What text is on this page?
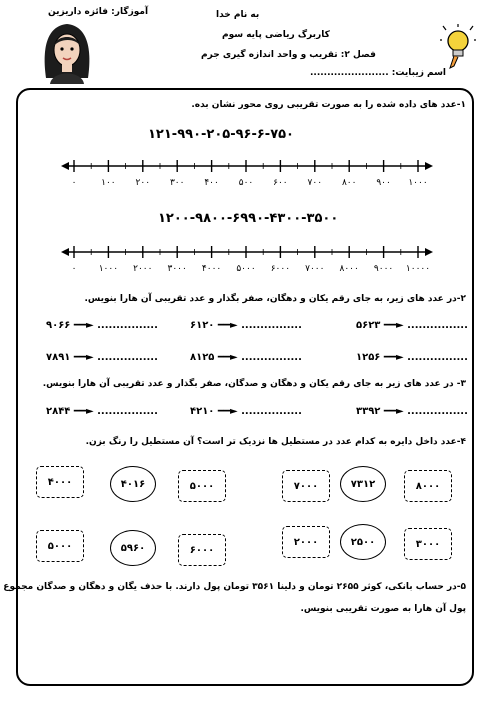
به نام خدا
کاربرگ ریاضی پایه سوم
فصل ۲: تقریب و واحد اندازه گیری جرم
آموزگار: فائزه داریزین
اسم زیبایت: .......................
۱-عدد های داده شده را به صورت تقریبی روی محور نشان بده.
۱۲۱-۹۹۰-۲۰۵-۹۶-۶-۷۵۰
۰	۱۰۰ ۲۰۰ ۳۰۰ ۴۰۰ ۵۰۰ ۶۰۰ ۷۰۰ ۸۰۰ ۹۰۰ ۱۰۰۰
۱۲۰۰-۹۸۰۰-۶۹۹۰-۴۳۰۰-۳۵۰۰
۰ ۱۰۰۰ ۲۰۰۰ ۳۰۰۰ ۴۰۰۰ ۵۰۰۰ ۶۰۰۰ ۷۰۰۰ ۸۰۰۰ ۹۰۰۰ ۱۰۰۰۰
۲-در عدد های زیر، به جای رقم یکان و دهگان، صفر بگذار و عدد تقریبی آن هارا بنویس.
۹۰۶۶ ━━► ................	۶۱۲۰ ━━► ................	۵۶۲۳ ━━► ................
۷۸۹۱ ━━► ................	۸۱۲۵ ━━► ................	۱۲۵۶ ━━► ................
۳- در عدد های زیر به جای رقم یکان و دهگان و صدگان، صفر بگذار و عدد تقریبی آن هارا بنویس.
۲۸۴۴ ━━► ................	۴۲۱۰ ━━► ................	۳۳۹۲ ━━► ................
۴-عدد داخل دایره به کدام عدد در مستطیل ها نزدیک تر است؟ آن مستطیل را رنگ بزن.
۴۰۰۰	۴۰۱۶	۵۰۰۰	۷۰۰۰	۷۳۱۲	۸۰۰۰
۵۰۰۰	۵۹۶۰	۶۰۰۰
۲۰۰۰	۲۵۰۰	۳۰۰۰
۵-در حساب بانکی، کوثر ۲۶۵۵ تومان و دلینا ۳۵۶۱ تومان پول دارند. با حذف یگان و دهگان و صدگان مجموع
پول آن هارا به صورت تقریبی بنویس.
